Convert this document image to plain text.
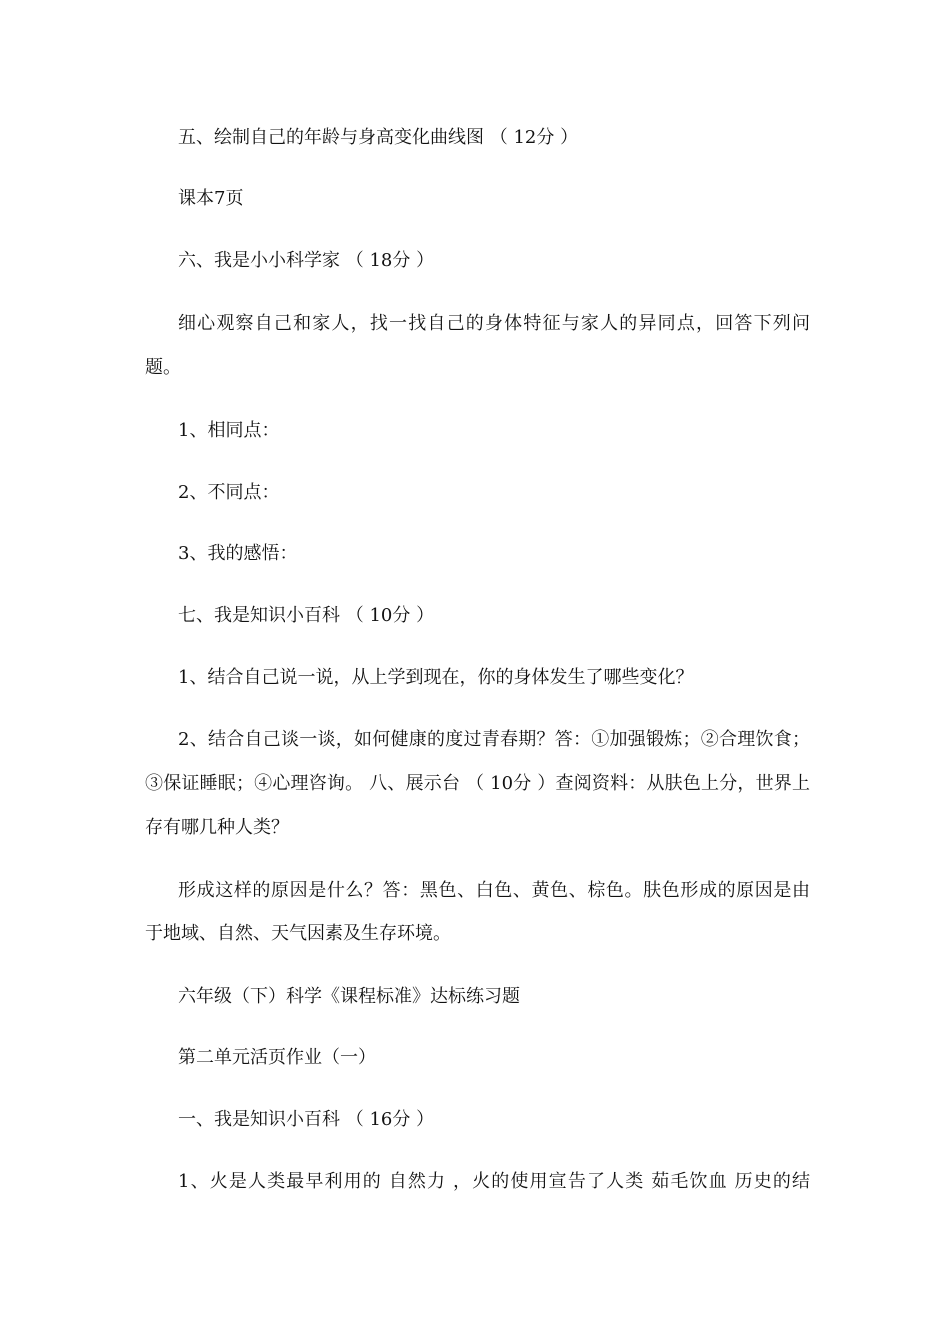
五、绘制自己的年龄与身高变化曲线图 （ 12分 ）
课本7页
六、我是小小科学家 （ 18分 ）
细心观察自己和家人，找一找自己的身体特征与家人的异同点，回答下列问
题。
1、相同点：
2、不同点：
3、我的感悟：
七、我是知识小百科 （ 10分 ）
1、结合自己说一说，从上学到现在，你的身体发生了哪些变化？
2、结合自己谈一谈，如何健康的度过青春期？答：①加强锻炼；②合理饮食；
③保证睡眠；④心理咨询。 八、展示台 （ 10分 ）查阅资料：从肤色上分，世界上
存有哪几种人类？
形成这样的原因是什么？答：黑色、白色、黄色、棕色。肤色形成的原因是由
于地域、自然、天气因素及生存环境。
六年级（下）科学《课程标准》达标练习题
第二单元活页作业（一）
一、我是知识小百科 （ 16分 ）
1、火是人类最早利用的 自然力 ，火的使用宣告了人类 茹毛饮血 历史的结
